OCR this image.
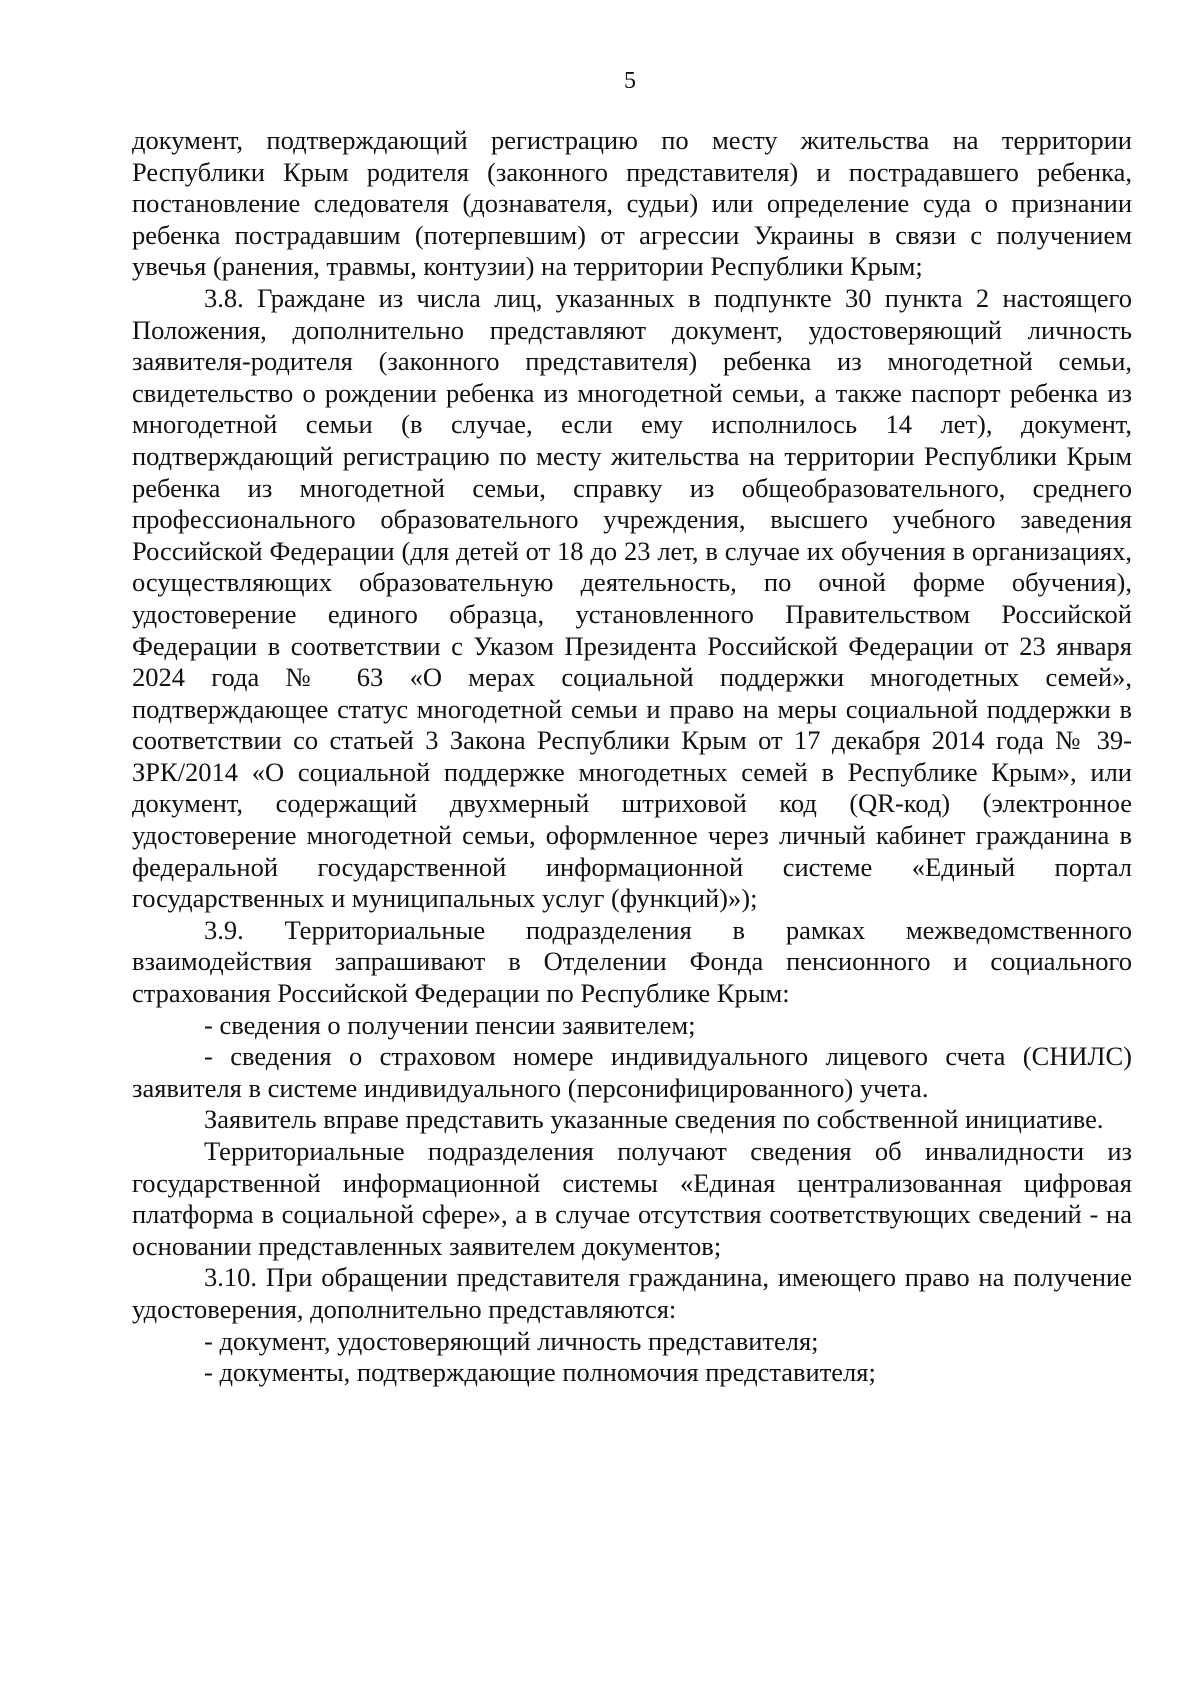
5

документ, подтверждающий регистрацию по месту жительства на территории Республики Крым родителя (законного представителя) и пострадавшего ребенка, постановление следователя (дознавателя, судьи) или определение суда о признании ребенка пострадавшим (потерпевшим) от агрессии Украины в связи с получением увечья (ранения, травмы, контузии) на территории Республики Крым;

3.8. Граждане из числа лиц, указанных в подпункте 30 пункта 2 настоящего Положения, дополнительно представляют документ, удостоверяющий личность заявителя-родителя (законного представителя) ребенка из многодетной семьи, свидетельство о рождении ребенка из многодетной семьи, а также паспорт ребенка из многодетной семьи (в случае, если ему исполнилось 14 лет), документ, подтверждающий регистрацию по месту жительства на территории Республики Крым ребенка из многодетной семьи, справку из общеобразовательного, среднего профессионального образовательного учреждения, высшего учебного заведения Российской Федерации (для детей от 18 до 23 лет, в случае их обучения в организациях, осуществляющих образовательную деятельность, по очной форме обучения), удостоверение единого образца, установленного Правительством Российской Федерации в соответствии с Указом Президента Российской Федерации от 23 января 2024 года № 63 «О мерах социальной поддержки многодетных семей», подтверждающее статус многодетной семьи и право на меры социальной поддержки в соответствии со статьей 3 Закона Республики Крым от 17 декабря 2014 года № 39-ЗРК/2014 «О социальной поддержке многодетных семей в Республике Крым», или документ, содержащий двухмерный штриховой код (QR-код) (электронное удостоверение многодетной семьи, оформленное через личный кабинет гражданина в федеральной государственной информационной системе «Единый портал государственных и муниципальных услуг (функций)»);

3.9. Территориальные подразделения в рамках межведомственного взаимодействия запрашивают в Отделении Фонда пенсионного и социального страхования Российской Федерации по Республике Крым:

- сведения о получении пенсии заявителем;

- сведения о страховом номере индивидуального лицевого счета (СНИЛС) заявителя в системе индивидуального (персонифицированного) учета.

Заявитель вправе представить указанные сведения по собственной инициативе.

Территориальные подразделения получают сведения об инвалидности из государственной информационной системы «Единая централизованная цифровая платформа в социальной сфере», а в случае отсутствия соответствующих сведений - на основании представленных заявителем документов;

3.10. При обращении представителя гражданина, имеющего право на получение удостоверения, дополнительно представляются:

- документ, удостоверяющий личность представителя;

- документы, подтверждающие полномочия представителя;
